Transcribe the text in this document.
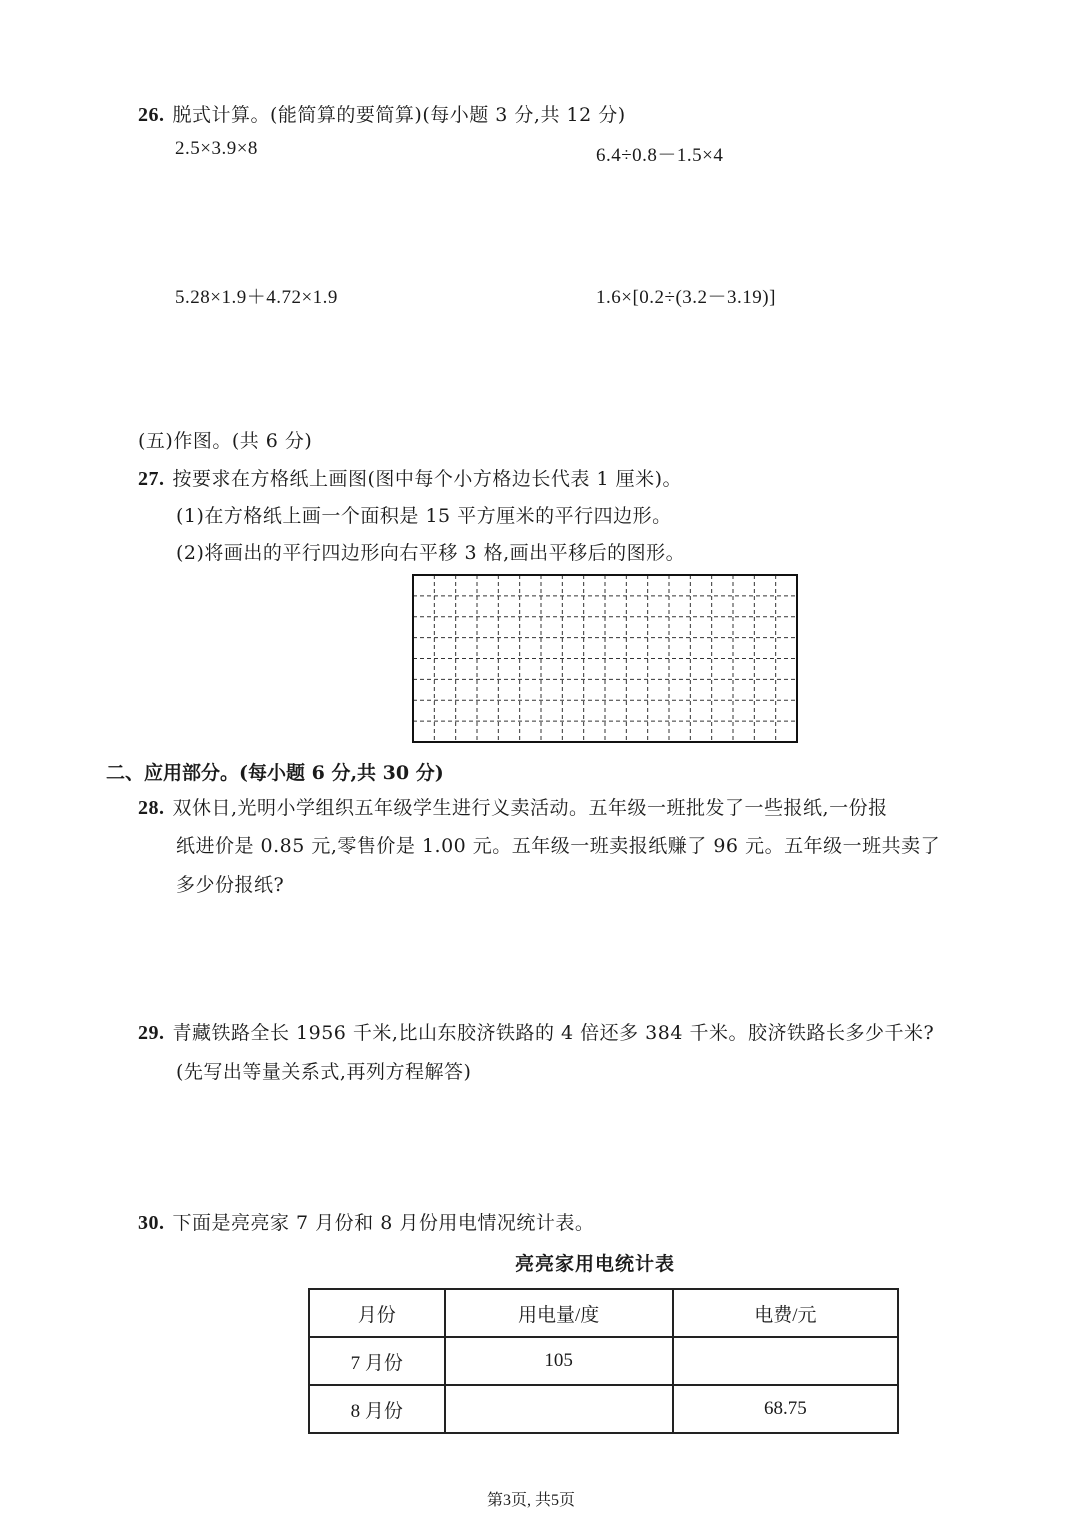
26. 脱式计算。(能简算的要简算)(每小题 3 分,共 12 分)
2.5×3.9×8	6.4÷0.8－1.5×4
5.28×1.9＋4.72×1.9	1.6×[0.2÷(3.2－3.19)]
(五)作图。(共 6 分)
27. 按要求在方格纸上画图(图中每个小方格边长代表 1 厘米)。
(1)在方格纸上画一个面积是 15 平方厘米的平行四边形。
(2)将画出的平行四边形向右平移 3 格,画出平移后的图形。
二、应用部分。(每小题 6 分,共 30 分)
28. 双休日,光明小学组织五年级学生进行义卖活动。五年级一班批发了一些报纸,一份报
纸进价是 0.85 元,零售价是 1.00 元。五年级一班卖报纸赚了 96 元。五年级一班共卖了
多少份报纸?
29. 青藏铁路全长 1956 千米,比山东胶济铁路的 4 倍还多 384 千米。胶济铁路长多少千米?
(先写出等量关系式,再列方程解答)
30. 下面是亮亮家 7 月份和 8 月份用电情况统计表。
亮亮家用电统计表
月份	用电量/度	电费/元
7 月份	105	
8 月份		68.75
第3页, 共5页
